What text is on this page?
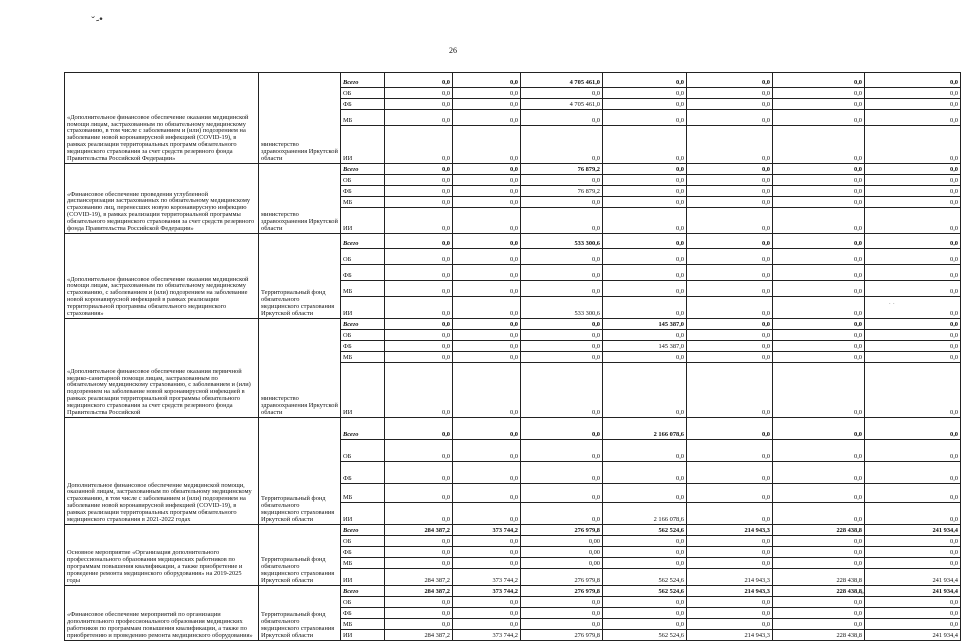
ˇ-•
26
· ·
«Дополнительное финансовое обеспечение оказания медицинской помощи лицам, застрахованным по обязательному медицинскому страхованию, в том числе с заболеванием и (или) подозрением на заболевание новой коронавирусной инфекцией (COVID-19), в рамках реализации территориальных программ обязательного медицинского страхования за счет средств резервного фонда Правительства Российской Федерации»	министерство здравоохранения Иркутской области	Всего	0,0	0,0	4 705 461,0	0,0	0,0	0,0	0,0
		ОБ	0,0	0,0	0,0	0,0	0,0	0,0	0,0
		ФБ	0,0	0,0	4 705 461,0	0,0	0,0	0,0	0,0
		МБ	0,0	0,0	0,0	0,0	0,0	0,0	0,0
		ИИ	0,0	0,0	0,0	0,0	0,0	0,0	0,0
«Финансовое обеспечение проведения углубленной диспансеризации застрахованных по обязательному медицинскому страхованию лиц, перенесших новую коронавирусную инфекцию (COVID-19), в рамках реализации территориальной программы обязательного медицинского страхования за счет средств резервного фонда Правительства Российской Федерации»	министерство здравоохранения Иркутской области	Всего	0,0	0,0	76 879,2	0,0	0,0	0,0	0,0
		ОБ	0,0	0,0	0,0	0,0	0,0	0,0	0,0
		ФБ	0,0	0,0	76 879,2	0,0	0,0	0,0	0,0
		МБ	0,0	0,0	0,0	0,0	0,0	0,0	0,0
		ИИ	0,0	0,0	0,0	0,0	0,0	0,0	0,0
«Дополнительное финансовое обеспечение оказания медицинской помощи лицам, застрахованным по обязательному медицинскому страхованию, с заболеванием и (или) подозрением на заболевание новой коронавирусной инфекцией в рамках реализации территориальной программы обязательного медицинского страхования»	Территориальный фонд обязательного медицинского страхования Иркутской области	Всего	0,0	0,0	533 300,6	0,0	0,0	0,0	0,0
		ОБ	0,0	0,0	0,0	0,0	0,0	0,0	0,0
		ФБ	0,0	0,0	0,0	0,0	0,0	0,0	0,0
		МБ	0,0	0,0	0,0	0,0	0,0	0,0	0,0
		ИИ	0,0	0,0	533 300,6	0,0	0,0	0,0	0,0
«Дополнительное финансовое обеспечение оказания первичной медико-санитарной помощи лицам, застрахованным по обязательному медицинскому страхованию, с заболеванием и (или) подозрением на заболевание новой коронавирусной инфекцией в рамках реализации территориальной программы обязательного медицинского страхования за счет средств резервного фонда Правительства Российской	министерство здравоохранения Иркутской области	Всего	0,0	0,0	0,0	145 387,0	0,0	0,0	0,0
		ОБ	0,0	0,0	0,0	0,0	0,0	0,0	0,0
		ФБ	0,0	0,0	0,0	145 387,0	0,0	0,0	0,0
		МБ	0,0	0,0	0,0	0,0	0,0	0,0	0,0
		ИИ	0,0	0,0	0,0	0,0	0,0	0,0	0,0
Дополнительное финансовое обеспечение медицинской помощи, оказанной лицам, застрахованным по обязательному медицинскому страхованию, в том числе с заболеванием и (или) подозрением на заболевание новой коронавирусной инфекцией (COVID-19), в рамках реализации территориальных программ обязательного медицинского страхования в 2021-2022 годах	Территориальный фонд обязательного медицинского страхования Иркутской области	Всего	0,0	0,0	0,0	2 166 078,6	0,0	0,0	0,0
		ОБ	0,0	0,0	0,0	0,0	0,0	0,0	0,0
		ФБ	0,0	0,0	0,0	0,0	0,0	0,0	0,0
		МБ	0,0	0,0	0,0	0,0	0,0	0,0	0,0
		ИИ	0,0	0,0	0,0	2 166 078,6	0,0	0,0	0,0
Основное мероприятие «Организация дополнительного профессионального образования медицинских работников по программам повышения квалификации, а также приобретение и проведение ремонта медицинского оборудования» на 2019-2025 годы	Территориальный фонд обязательного медицинского страхования Иркутской области	Всего	284 387,2	373 744,2	276 979,8	562 524,6	214 943,3	228 438,8	241 934,4
		ОБ	0,0	0,0	0,00	0,0	0,0	0,0	0,0
		ФБ	0,0	0,0	0,00	0,0	0,0	0,0	0,0
		МБ	0,0	0,0	0,00	0,0	0,0	0,0	0,0
		ИИ	284 387,2	373 744,2	276 979,8	562 524,6	214 943,3	228 438,8	241 934,4
«Финансовое обеспечение мероприятий по организации дополнительного профессионального образования медицинских работников по программам повышения квалификации, а также по приобретению и проведению ремонта медицинского оборудования»	Территориальный фонд обязательного медицинского страхования Иркутской области	Всего	284 387,2	373 744,2	276 979,8	562 524,6	214 943,3	228 438,8	241 934,4
		ОБ	0,0	0,0	0,0	0,0	0,0	0,0	0,0
		ФБ	0,0	0,0	0,0	0,0	0,0	0,0	0,0
		МБ	0,0	0,0	0,0	0,0	0,0	0,0	0,0
		ИИ	284 387,2	373 744,2	276 979,8	562 524,6	214 943,3	228 438,8	241 934,4
».
